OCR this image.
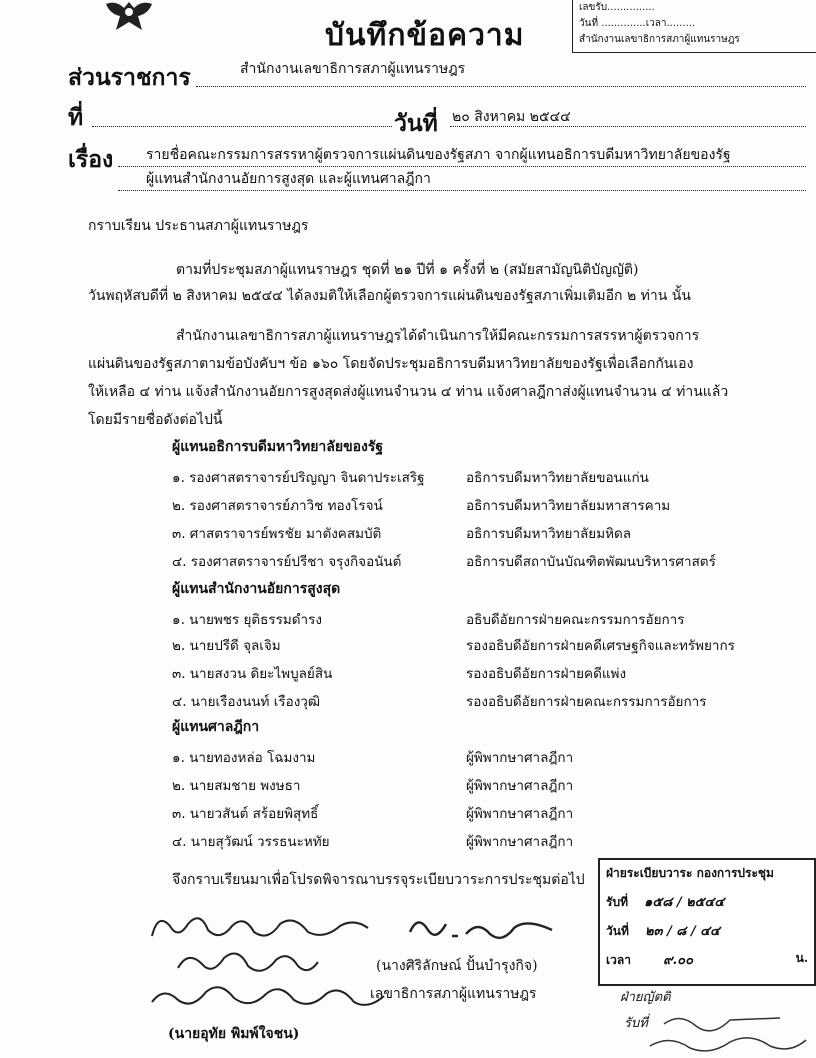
บันทึกข้อความ
เลขรับ...............
วันที่ ..............เวลา.........
สำนักงานเลขาธิการสภาผู้แทนราษฎร
ส่วนราชการ	สำนักงานเลขาธิการสภาผู้แทนราษฎร
ที่	วันที่ ๒๐ สิงหาคม ๒๕๔๔
เรื่อง รายชื่อคณะกรรมการสรรหาผู้ตรวจการแผ่นดินของรัฐสภา จากผู้แทนอธิการบดีมหาวิทยาลัยของรัฐ
ผู้แทนสำนักงานอัยการสูงสุด และผู้แทนศาลฎีกา
กราบเรียน ประธานสภาผู้แทนราษฎร
ตามที่ประชุมสภาผู้แทนราษฎร ชุดที่ ๒๑ ปีที่ ๑ ครั้งที่ ๒ (สมัยสามัญนิติบัญญัติ)
วันพฤหัสบดีที่ ๒ สิงหาคม ๒๕๔๔ ได้ลงมติให้เลือกผู้ตรวจการแผ่นดินของรัฐสภาเพิ่มเติมอีก ๒ ท่าน นั้น
สำนักงานเลขาธิการสภาผู้แทนราษฎรได้ดำเนินการให้มีคณะกรรมการสรรหาผู้ตรวจการ
แผ่นดินของรัฐสภาตามข้อบังคับฯ ข้อ ๑๖๐ โดยจัดประชุมอธิการบดีมหาวิทยาลัยของรัฐเพื่อเลือกกันเอง
ให้เหลือ ๔ ท่าน แจ้งสำนักงานอัยการสูงสุดส่งผู้แทนจำนวน ๔ ท่าน แจ้งศาลฎีกาส่งผู้แทนจำนวน ๔ ท่านแล้ว
โดยมีรายชื่อดังต่อไปนี้
ผู้แทนอธิการบดีมหาวิทยาลัยของรัฐ
๑. รองศาสตราจารย์ปริญญา จินดาประเสริฐ	อธิการบดีมหาวิทยาลัยขอนแก่น
๒. รองศาสตราจารย์ภาวิช ทองโรจน์	อธิการบดีมหาวิทยาลัยมหาสารคาม
๓. ศาสตราจารย์พรชัย มาตังคสมบัติ	อธิการบดีมหาวิทยาลัยมหิดล
๔. รองศาสตราจารย์ปรีชา จรุงกิจอนันต์	อธิการบดีสถาบันบัณฑิตพัฒนบริหารศาสตร์
ผู้แทนสำนักงานอัยการสูงสุด
๑. นายพชร ยุติธรรมดำรง	อธิบดีอัยการฝ่ายคณะกรรมการอัยการ
๒. นายปรีดี จุลเจิม	รองอธิบดีอัยการฝ่ายคดีเศรษฐกิจและทรัพยากร
๓. นายสงวน ดิยะไพบูลย์สิน	รองอธิบดีอัยการฝ่ายคดีแพ่ง
๔. นายเรืองนนท์ เรืองวุฒิ	รองอธิบดีอัยการฝ่ายคณะกรรมการอัยการ
ผู้แทนศาลฎีกา
๑. นายทองหล่อ โฉมงาม	ผู้พิพากษาศาลฎีกา
๒. นายสมชาย พงษธา	ผู้พิพากษาศาลฎีกา
๓. นายวสันต์ สร้อยพิสุทธิ์	ผู้พิพากษาศาลฎีกา
๔. นายสุวัฒน์ วรรธนะหทัย	ผู้พิพากษาศาลฎีกา
จึงกราบเรียนมาเพื่อโปรดพิจารณาบรรจุระเบียบวาระการประชุมต่อไป
(นางศิริลักษณ์ ปั้นบำรุงกิจ)
เลขาธิการสภาผู้แทนราษฎร
(นายอุทัย พิมพ์ใจชน)
ฝ่ายระเบียบวาระ กองการประชุม
รับที่ ๑๕๘ / ๒๕๔๔
วันที่ ๒๓ / ๘ / ๔๔
เวลา ๙.๐๐	น.
ฝ่ายญัตติ
รับที่
